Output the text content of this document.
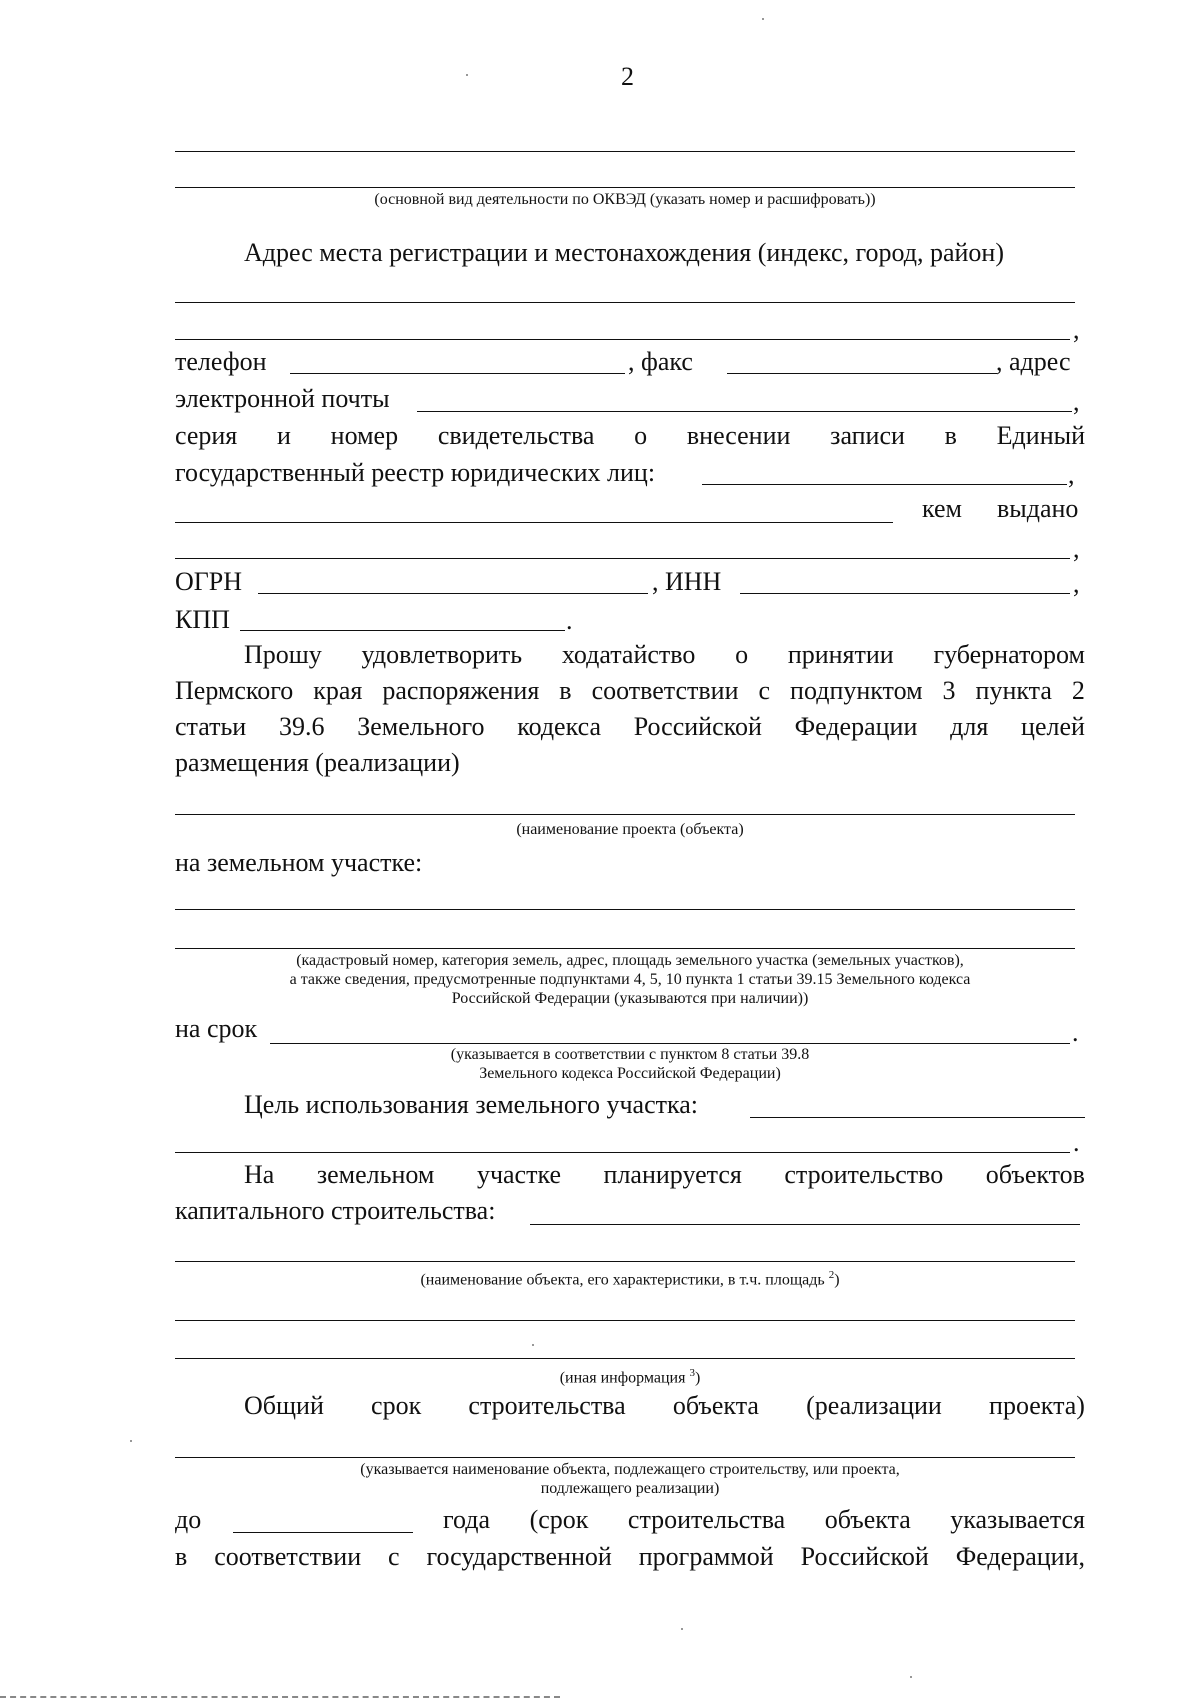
2
(основной вид деятельности по ОКВЭД (указать номер и расшифровать))
Адрес места регистрации и местонахождения (индекс, город, район)
,
телефон	, факс	, адрес
электронной почты	,
серия и номер свидетельства о внесении записи в Единый
государственный реестр юридических лиц:	,
кем выдано
,
ОГРН	, ИНН	,
КПП	.
Прошу удовлетворить ходатайство о принятии губернатором
Пермского края распоряжения в соответствии с подпунктом 3 пункта 2
статьи 39.6 Земельного кодекса Российской Федерации для целей
размещения (реализации)
(наименование проекта (объекта)
на земельном участке:
(кадастровый номер, категория земель, адрес, площадь земельного участка (земельных участков),
а также сведения, предусмотренные подпунктами 4, 5, 10 пункта 1 статьи 39.15 Земельного кодекса
Российской Федерации (указываются при наличии))
на срок	.
(указывается в соответствии с пунктом 8 статьи 39.8
Земельного кодекса Российской Федерации)
Цель использования земельного участка:
.
На земельном участке планируется строительство объектов
капитального строительства:
(наименование объекта, его характеристики, в т.ч. площадь $^2$)
(иная информация $^3$)
Общий срок строительства объекта (реализации проекта)
(указывается наименование объекта, подлежащего строительству, или проекта,
подлежащего реализации)
до	года (срок строительства объекта указывается
в соответствии с государственной программой Российской Федерации,
